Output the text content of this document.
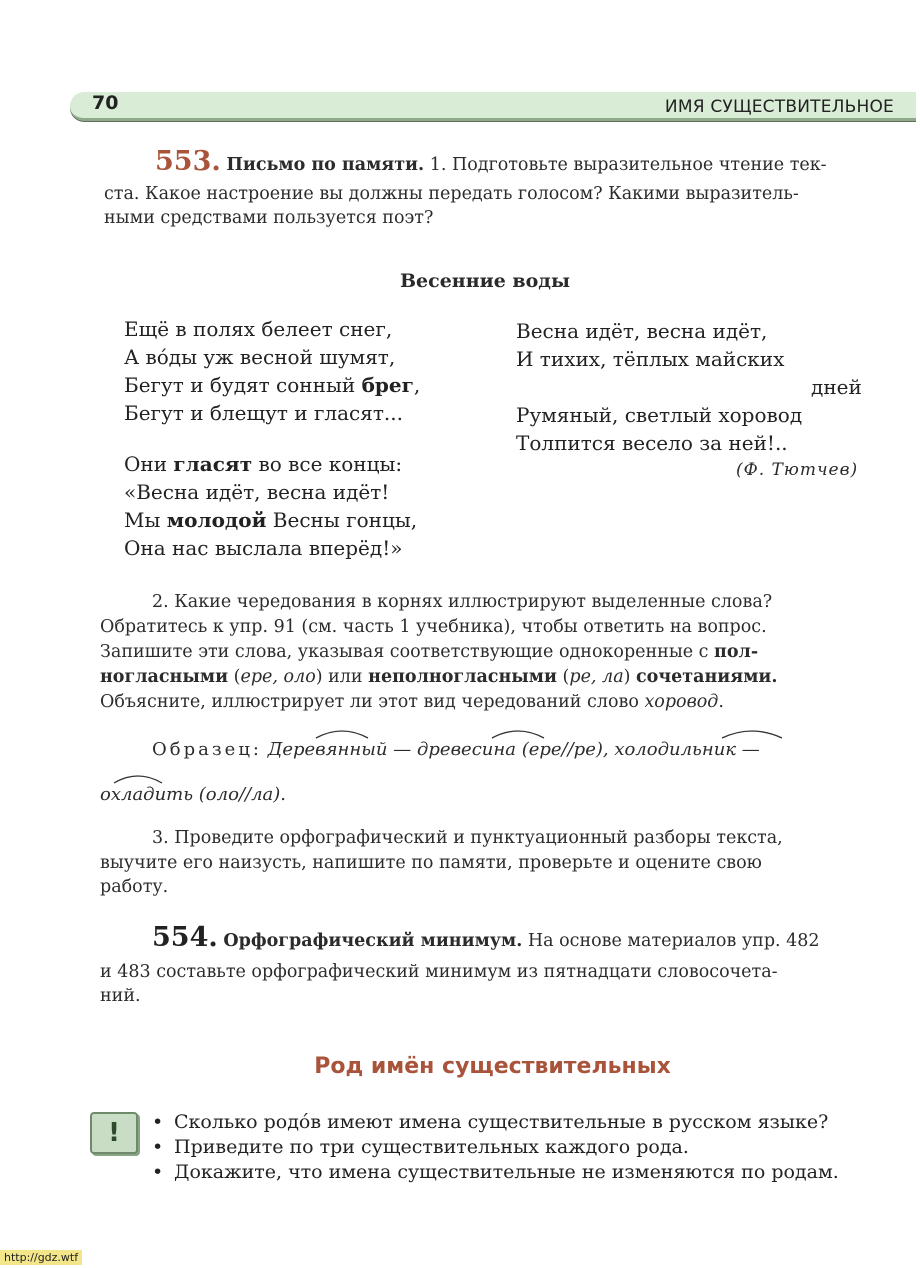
70	ИМЯ СУЩЕСТВИТЕЛЬНОЕ
553. Письмо по памяти. 1. Подготовьте выразительное чтение тек-
ста. Какое настроение вы должны передать голосом? Какими выразитель-
ными средствами пользуется поэт?
Весенние воды
Ещё в полях белеет снег,
А во́ды уж весной шумят,
Бегут и будят сонный брег,
Бегут и блещут и гласят...
Они гласят во все концы:
«Весна идёт, весна идёт!
Мы молодой Весны гонцы,
Она нас выслала вперёд!»
Весна идёт, весна идёт,
И тихих, тёплых майских
дней
Румяный, светлый хоровод
Толпится весело за ней!..
(Ф. Тютчев)
2. Какие чередования в корнях иллюстрируют выделенные слова?
Обратитесь к упр. 91 (см. часть 1 учебника), чтобы ответить на вопрос.
Запишите эти слова, указывая соответствующие однокоренные с пол-
ногласными (ере, оло) или неполногласными (ре, ла) сочетаниями.
Объясните, иллюстрирует ли этот вид чередований слово хоровод.
Образец: Деревянный — древесина (ере//ре), холодильник —
охладить (оло//ла).
3. Проведите орфографический и пунктуационный разборы текста,
выучите его наизусть, напишите по памяти, проверьте и оцените свою
работу.
554. Орфографический минимум. На основе материалов упр. 482
и 483 составьте орфографический минимум из пятнадцати словосочета-
ний.
Род имён существительных
! • Сколько родо́в имеют имена существительные в русском языке?
• Приведите по три существительных каждого рода.
• Докажите, что имена существительные не изменяются по родам.
http://gdz.wtf
